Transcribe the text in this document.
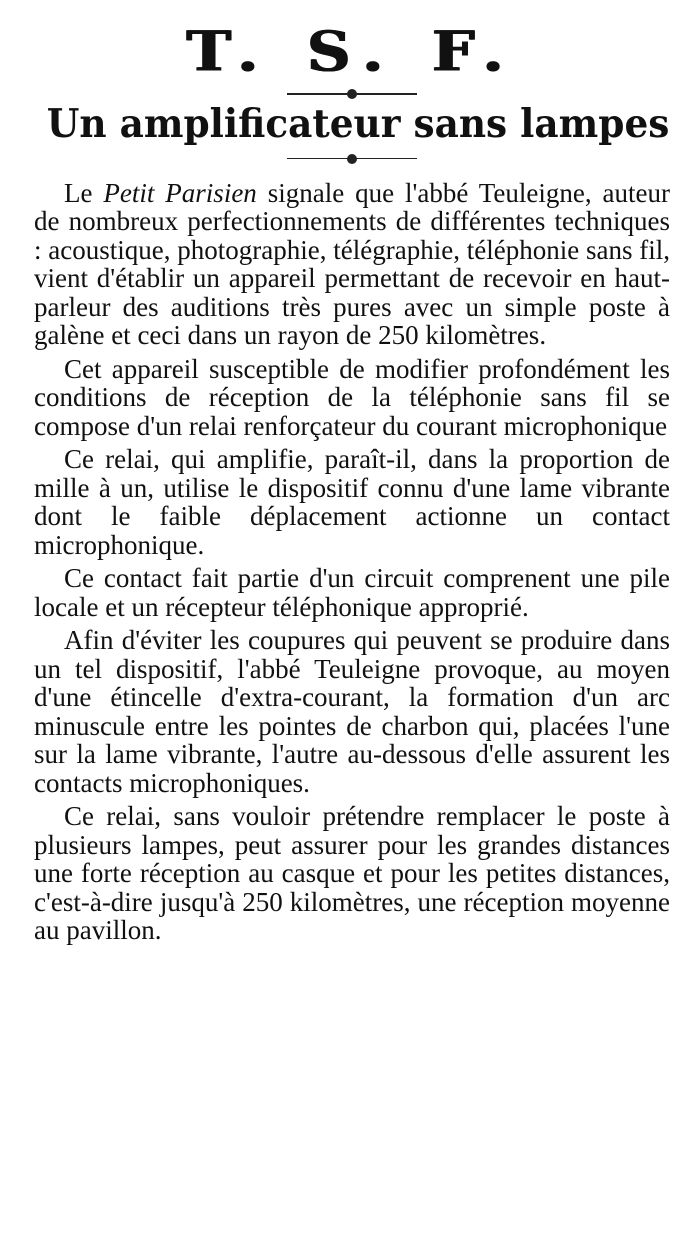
T. S. F.
Un amplificateur sans lampes

Le Petit Parisien signale que l'abbé Teuleigne, auteur de nombreux perfectionnements de différentes techniques : acoustique, photographie, télégraphie, téléphonie sans fil, vient d'établir un appareil permettant de recevoir en haut-parleur des auditions très pures avec un simple poste à galène et ceci dans un rayon de 250 kilomètres.

Cet appareil susceptible de modifier profondément les conditions de réception de la téléphonie sans fil se compose d'un relai renforçateur du courant microphonique

Ce relai, qui amplifie, paraît-il, dans la proportion de mille à un, utilise le dispositif connu d'une lame vibrante dont le faible déplacement actionne un contact microphonique.

Ce contact fait partie d'un circuit comprenent une pile locale et un récepteur téléphonique approprié.

Afin d'éviter les coupures qui peuvent se produire dans un tel dispositif, l'abbé Teuleigne provoque, au moyen d'une étincelle d'extra-courant, la formation d'un arc minuscule entre les pointes de charbon qui, placées l'une sur la lame vibrante, l'autre au-dessous d'elle assurent les contacts microphoniques.

Ce relai, sans vouloir prétendre remplacer le poste à plusieurs lampes, peut assurer pour les grandes distances une forte réception au casque et pour les petites distances, c'est-à-dire jusqu'à 250 kilomètres, une réception moyenne au pavillon.
